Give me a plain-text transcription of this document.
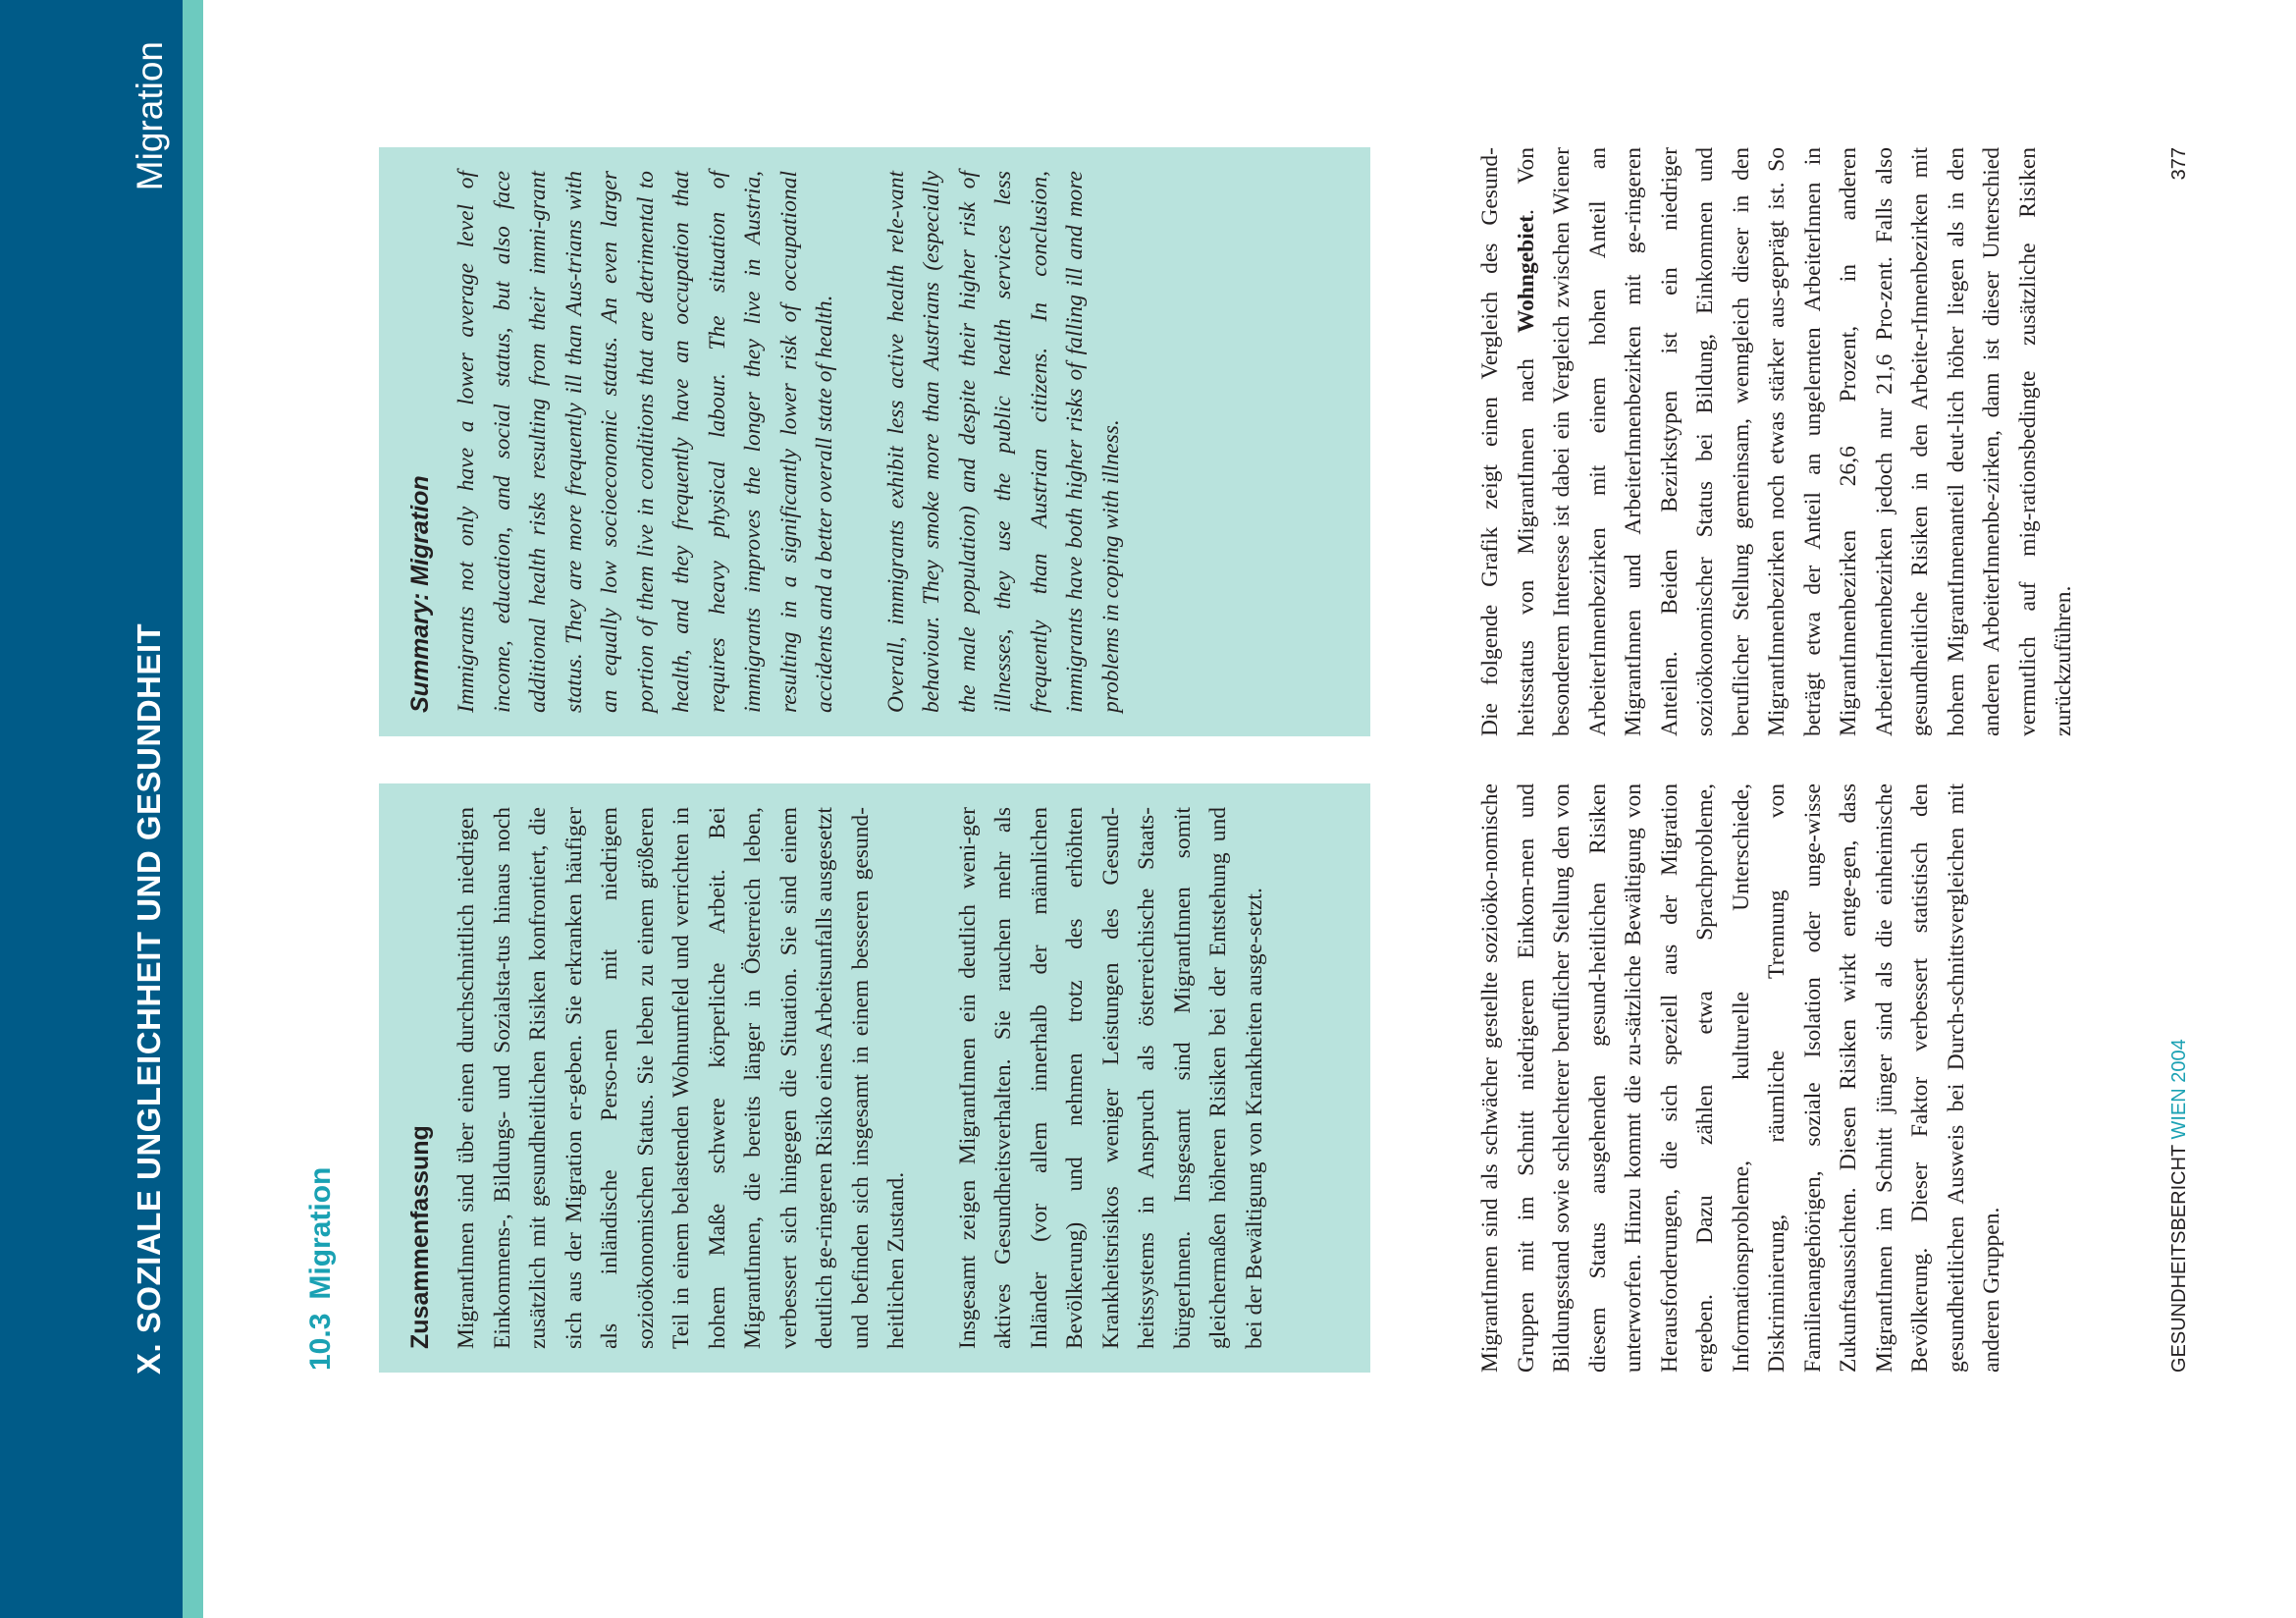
X. SOZIALE UNGLEICHHEIT UND GESUNDHEIT
Migration
10.3Migration	Zusammenfassung MigrantInnen sind über einen durchschnittlich niedrigen Einkommens-, Bildungs- und Sozialsta-tus hinaus noch zusätzlich mit gesundheitlichen Risiken konfrontiert, die sich aus der Migration er-geben. Sie erkranken häufiger als inländische Perso-nen mit niedrigem sozioökonomischen Status. Sie leben zu einem größeren Teil in einem belastenden Wohnumfeld und verrichten in hohem Maße schwere körperliche Arbeit. Bei MigrantInnen, die bereits länger in Österreich leben, verbessert sich hingegen die Situation. Sie sind einem deutlich ge-ringeren Risiko eines Arbeitsunfalls ausgesetzt und befinden sich insgesamt in einem besseren gesund-heitlichen Zustand. Insgesamt zeigen MigrantInnen ein deutlich weni-ger aktives Gesundheitsverhalten. Sie rauchen mehr als Inländer (vor allem innerhalb der männlichen Bevölkerung) und nehmen trotz des erhöhten Krankheitsrisikos weniger Leistungen des Gesund-heitssystems in Anspruch als österreichische Staats-bürgerInnen. Insgesamt sind MigrantInnen somit gleichermaßen höheren Risiken bei der Entstehung und bei der Bewältigung von Krankheiten ausge-setzt.

Summary: Migration Immigrants not only have a lower average level of income, education, and social status, but also face additional health risks resulting from their immi-grant status. They are more frequently ill than Aus-trians with an equally low socioeconomic status. An even larger portion of them live in conditions that are detrimental to health, and they frequently have an occupation that requires heavy physical labour. The situation of immigrants improves the longer they live in Austria, resulting in a significantly lower risk of occupational accidents and a better overall state of health. Overall, immigrants exhibit less active health rele-vant behaviour. They smoke more than Austrians (especially the male population) and despite their higher risk of illnesses, they use the public health services less frequently than Austrian citizens. In conclusion, immigrants have both higher risks of falling ill and more problems in coping with illness.

MigrantInnen sind als schwächer gestellte sozioöko-nomische Gruppen mit im Schnitt niedrigerem Einkom-men und Bildungsstand sowie schlechterer beruflicher Stellung den von diesem Status ausgehenden gesund-heitlichen Risiken unterworfen. Hinzu kommt die zu-sätzliche Bewältigung von Herausforderungen, die sich speziell aus der Migration ergeben. Dazu zählen etwa Sprachprobleme, Informationsprobleme, kulturelle Unterschiede, Diskriminierung, räumliche Trennung von Familienangehörigen, soziale Isolation oder unge-wisse Zukunftsaussichten. Diesen Risiken wirkt entge-gen, dass MigrantInnen im Schnitt jünger sind als die einheimische Bevölkerung. Dieser Faktor verbessert statistisch den gesundheitlichen Ausweis bei Durch-schnittsvergleichen mit anderen Gruppen.

Die folgende Grafik zeigt einen Vergleich des Gesund-heitsstatus von MigrantInnen nach Wohngebiet. Von besonderem Interesse ist dabei ein Vergleich zwischen Wiener ArbeiterInnenbezirken mit einem hohen Anteil an MigrantInnen und ArbeiterInnenbezirken mit ge-ringeren Anteilen. Beiden Bezirkstypen ist ein niedriger sozioökonomischer Status bei Bildung, Einkommen und beruflicher Stellung gemeinsam, wenngleich dieser in den MigrantInnenbezirken noch etwas stärker aus-geprägt ist. So beträgt etwa der Anteil an ungelernten ArbeiterInnen in MigrantInnenbezirken 26,6 Prozent, in anderen ArbeiterInnenbezirken jedoch nur 21,6 Pro-zent. Falls also gesundheitliche Risiken in den Arbeite-rInnenbezirken mit hohem MigrantInnenanteil deut-lich höher liegen als in den anderen ArbeiterInnenbe-zirken, dann ist dieser Unterschied vermutlich auf mig-rationsbedingte zusätzliche Risiken zurückzuführen.

GESUNDHEITSBERICHT WIEN 2004
377
